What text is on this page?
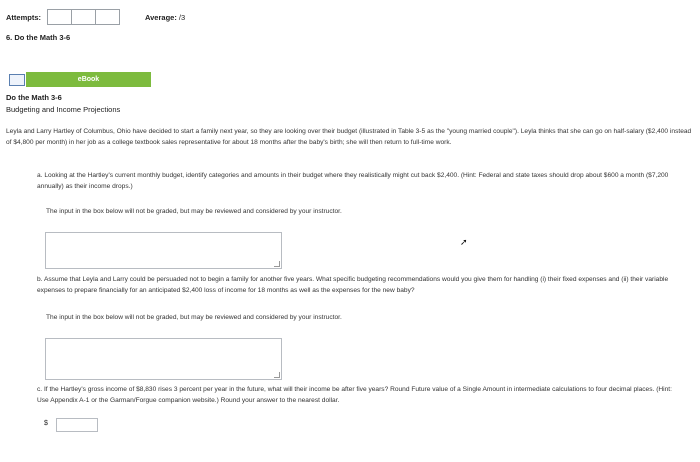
Attempts:	Average: /3
6. Do the Math 3-6
eBook
Do the Math 3-6
Budgeting and Income Projections
Leyla and Larry Hartley of Columbus, Ohio have decided to start a family next year, so they are looking over their budget (illustrated in Table 3-5 as the "young married couple"). Leyla thinks that she can go on half-salary ($2,400 instead of $4,800 per month) in her job as a college textbook sales representative for about 18 months after the baby's birth; she will then return to full-time work.
a. Looking at the Hartley's current monthly budget, identify categories and amounts in their budget where they realistically might cut back $2,400. (Hint: Federal and state taxes should drop about $600 a month ($7,200 annually) as their income drops.)
The input in the box below will not be graded, but may be reviewed and considered by your instructor.
➚
b. Assume that Leyla and Larry could be persuaded not to begin a family for another five years. What specific budgeting recommendations would you give them for handling (i) their fixed expenses and (ii) their variable expenses to prepare financially for an anticipated $2,400 loss of income for 18 months as well as the expenses for the new baby?
The input in the box below will not be graded, but may be reviewed and considered by your instructor.
c. If the Hartley's gross income of $8,830 rises 3 percent per year in the future, what will their income be after five years? Round Future value of a Single Amount in intermediate calculations to four decimal places. (Hint: Use Appendix A-1 or the Garman/Forgue companion website.) Round your answer to the nearest dollar.
$
